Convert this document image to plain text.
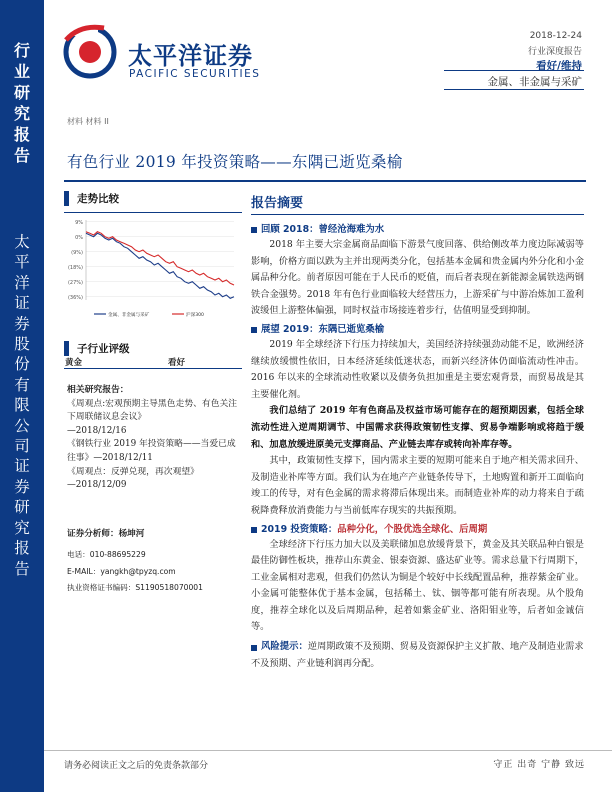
行
业
研
究
报
告
太
平
洋
证
券
股
份
有
限
公
司
证
券
研
究
报
告
太平洋证券
PACIFIC SECURITIES
2018-12-24
行业深度报告
看好/维持
金属、非金属与采矿
材料 材料 II
有色行业 2019 年投资策略——东隅已逝览桑榆
走势比较
9%
0%
(9%)
(18%)
(27%)
(36%)
金属、非金属与采矿	沪深300
子行业评级
黄金	看好
相关研究报告：
《周观点:宏观预期主导黑色走势、有色关注下周联储议息会议》
—2018/12/16
《钢铁行业 2019 年投资策略——当爱已成往事》—2018/12/11
《周观点：反弹兑现，再次观望》
—2018/12/09
证券分析师：杨坤河
电话：010-88695229
E-MAIL：yangkh@tpyzq.com
执业资格证书编码：S1190518070001
报告摘要
回顾 2018：曾经沧海难为水
2018 年主要大宗金属商品面临下游景气度回落、供给侧改革力度边际减弱等影响，价格方面以跌为主并出现两类分化，包括基本金属和贵金属内外分化和小金属品种分化。前者原因可能在于人民币的贬值，而后者表现在新能源金属铁迭两钢铁合金强势。2018 年有色行业面临较大经营压力，上游采矿与中游冶炼加工盈利波缓但上游整体偏强，同时权益市场接连着步行，估值明显受到抑制。
展望 2019：东隅已逝览桑榆
2019 年全球经济下行压力持续加大，美国经济持续强劲动能不足，欧洲经济继续放缓惯性依旧，日本经济延续低迷状态，而新兴经济体仍面临流动性冲击。2016 年以来的全球流动性收紧以及债务负担加重是主要宏观背景，而贸易战是其主要催化剂。
我们总结了 2019 年有色商品及权益市场可能存在的超预期因素，包括全球流动性进入逆周期调节、中国需求获得政策韧性支撑、贸易争端影响或将趋于缓和、加息放缓进原美元支撑商品、产业链去库存或转向补库存等。
其中，政策韧性支撑下，国内需求主要的短期可能来自于地产相关需求回升、及制造业补库等方面。我们认为在地产产业链条传导下，土地购置和新开工面临向竣工的传导，对有色金属的需求将滞后体现出来。而制造业补库的动力将来自于疏税降费释放消费能力与当前低库存现实的共振预期。
2019 投资策略：品种分化，个股优选全球化、后周期
全球经济下行压力加大以及美联储加息放缓背景下，黄金及其关联品种白银是最佳防御性板块，推荐山东黄金、银泰资源、盛达矿业等。需求总量下行周期下，工业金属相对悲观，但我们仍然认为铜是个较好中长线配置品种，推荐紫金矿业。小金属可能整体优于基本金属，包括稀土、钛、铟等都可能有所表现。从个股角度，推荐全球化以及后周期品种，起着如紫金矿业、洛阳钼业等，后者如金诚信等。
风险提示：逆周期政策不及预期、贸易及资源保护主义扩散、地产及制造业需求不及预期、产业链利润再分配。
请务必阅读正文之后的免责条款部分	守正 出奇 宁静 致远
